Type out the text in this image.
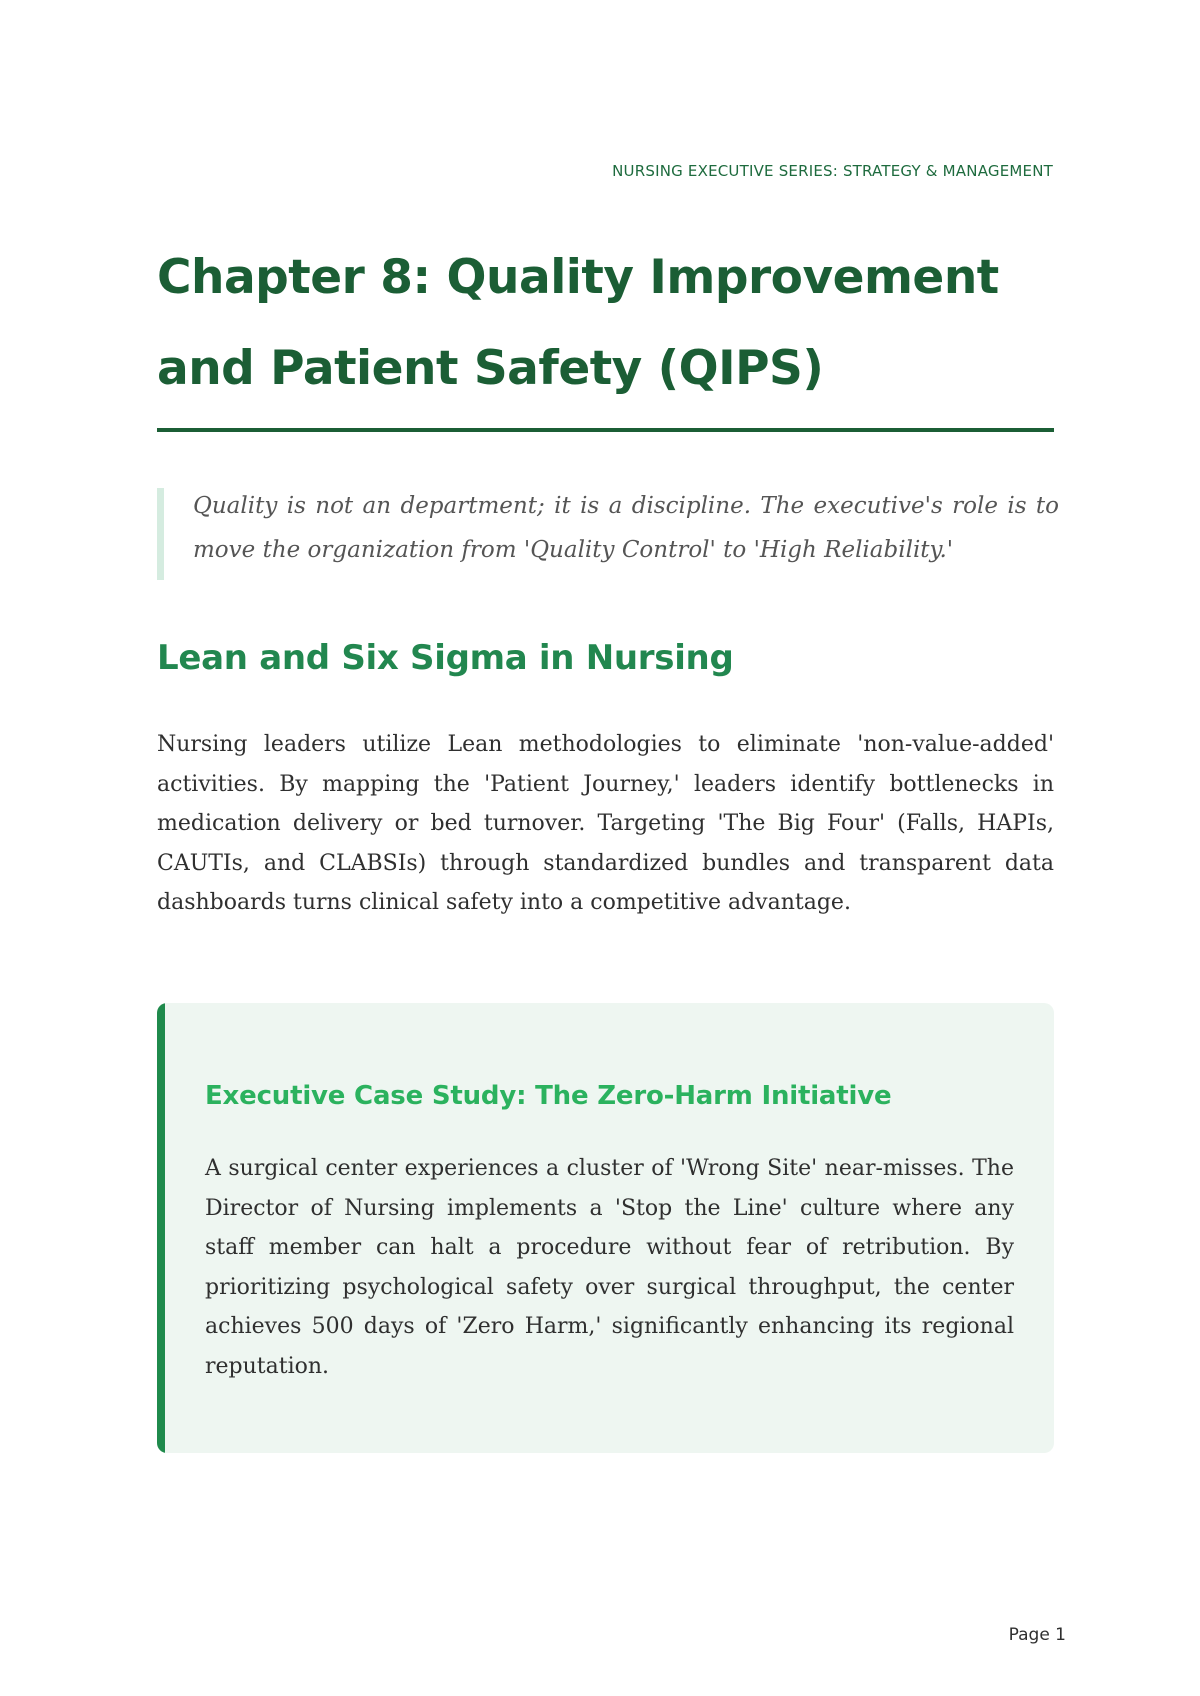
NURSING EXECUTIVE SERIES: STRATEGY & MANAGEMENT
Chapter 8: Quality Improvement and Patient Safety (QIPS)

Quality is not an department; it is a discipline. The executive's role is to move the organization from 'Quality Control' to 'High Reliability.'

Lean and Six Sigma in Nursing

Nursing leaders utilize Lean methodologies to eliminate 'non-value-added' activities. By mapping the 'Patient Journey,' leaders identify bottlenecks in medication delivery or bed turnover. Targeting 'The Big Four' (Falls, HAPIs, CAUTIs, and CLABSIs) through standardized bundles and transparent data dashboards turns clinical safety into a competitive advantage.

Executive Case Study: The Zero-Harm Initiative

A surgical center experiences a cluster of 'Wrong Site' near-misses. The Director of Nursing implements a 'Stop the Line' culture where any staff member can halt a procedure without fear of retribution. By prioritizing psychological safety over surgical throughput, the center achieves 500 days of 'Zero Harm,' significantly enhancing its regional reputation.

Page 1
